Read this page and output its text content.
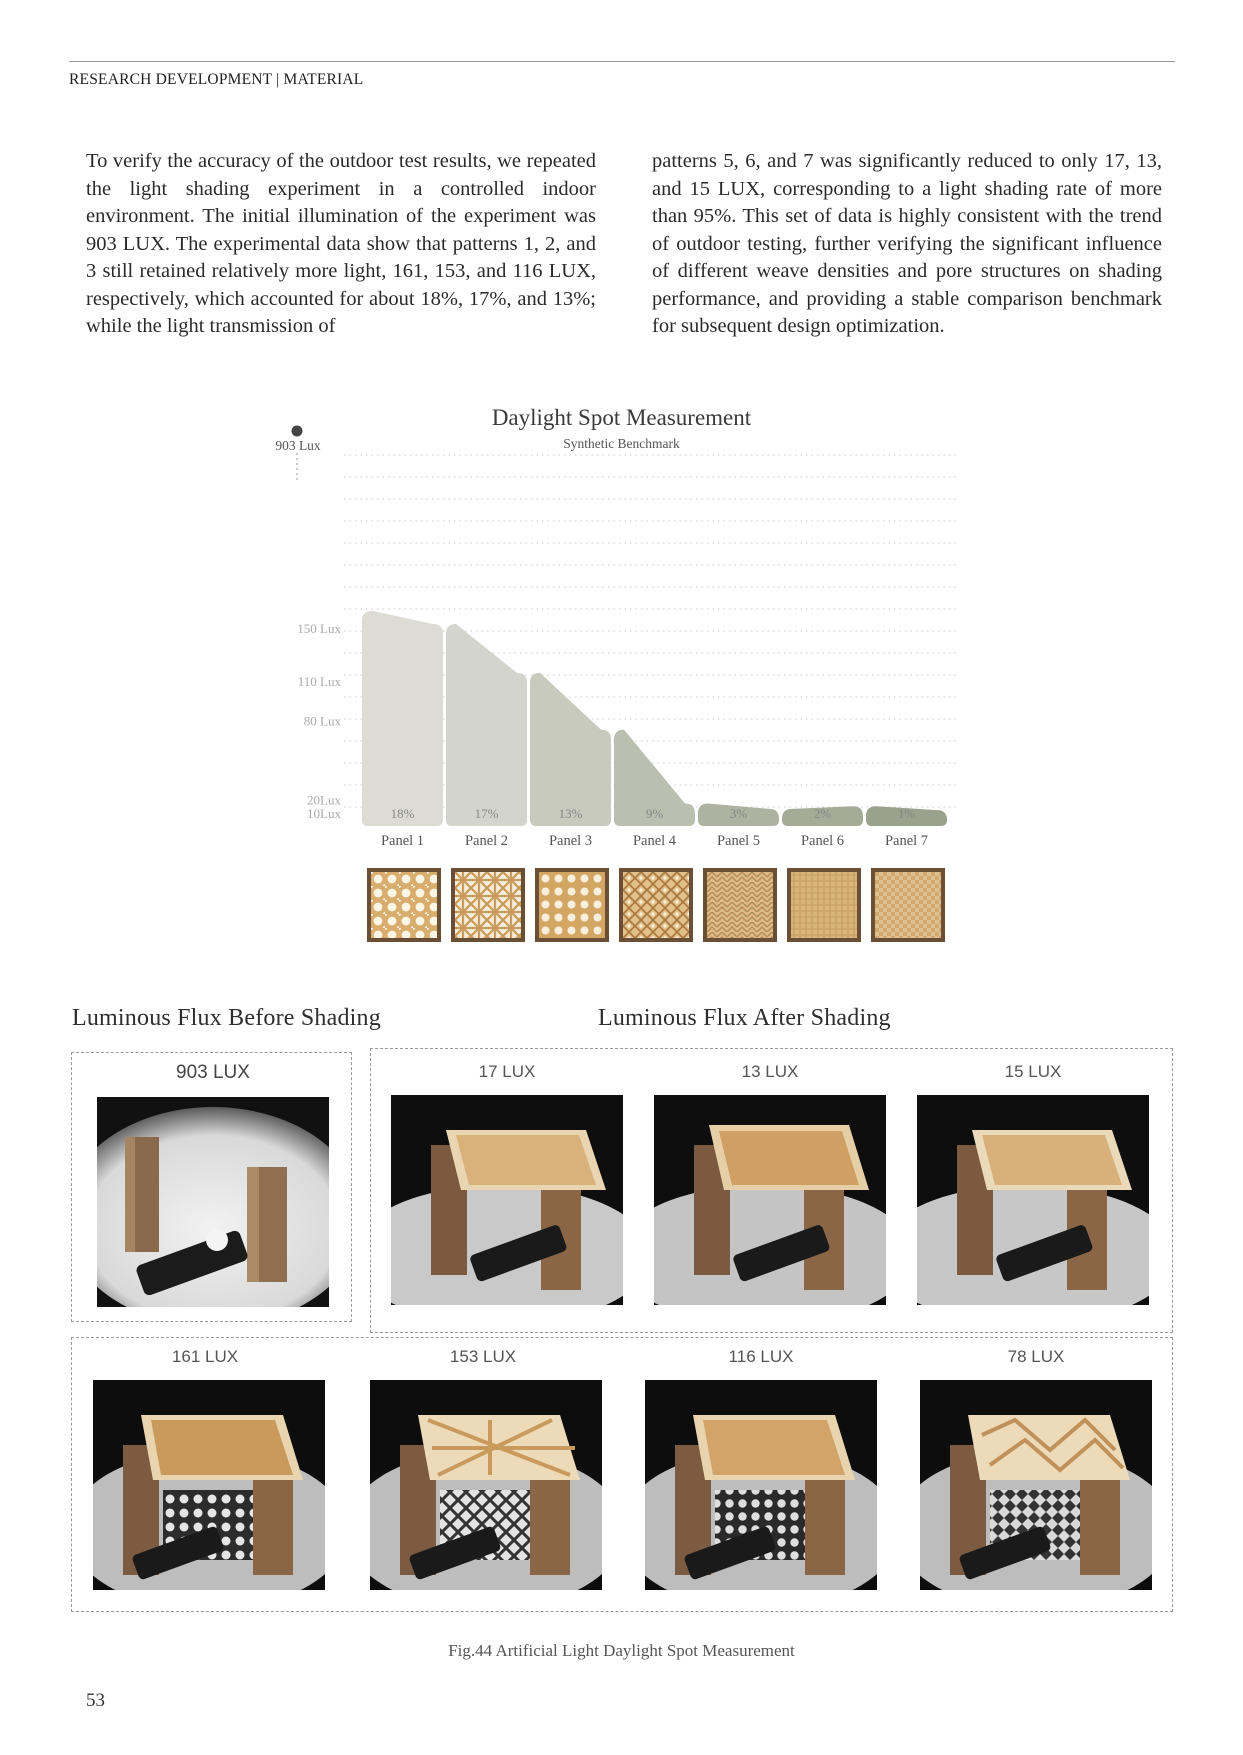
RESEARCH DEVELOPMENT | MATERIAL

To verify the accuracy of the outdoor test results, we repeated the light shading experiment in a controlled indoor environment. The initial illumination of the experiment was 903 LUX. The experimental data show that patterns 1, 2, and 3 still retained relatively more light, 161, 153, and 116 LUX, respectively, which accounted for about 18%, 17%, and 13%; while the light transmission of

patterns 5, 6, and 7 was significantly reduced to only 17, 13, and 15 LUX, corresponding to a light shading rate of more than 95%. This set of data is highly consistent with the trend of outdoor testing, further verifying the significant influence of different weave densities and pore structures on shading performance, and providing a stable comparison benchmark for subsequent design optimization.

Daylight Spot Measurement
Synthetic Benchmark
903 Lux
150 Lux
110 Lux
80 Lux
20Lux
10Lux	18%
Panel 1
17%
Panel 2
13%
Panel 3
9%
Panel 4
3%
Panel 5
2%
Panel 6
1%
Panel 7
Luminous Flux Before Shading	Luminous Flux After Shading
903 LUX	17 LUX	13 LUX	15 LUX
161 LUX	153 LUX	116 LUX	78 LUX
Fig.44 Artificial Light Daylight Spot Measurement
53
